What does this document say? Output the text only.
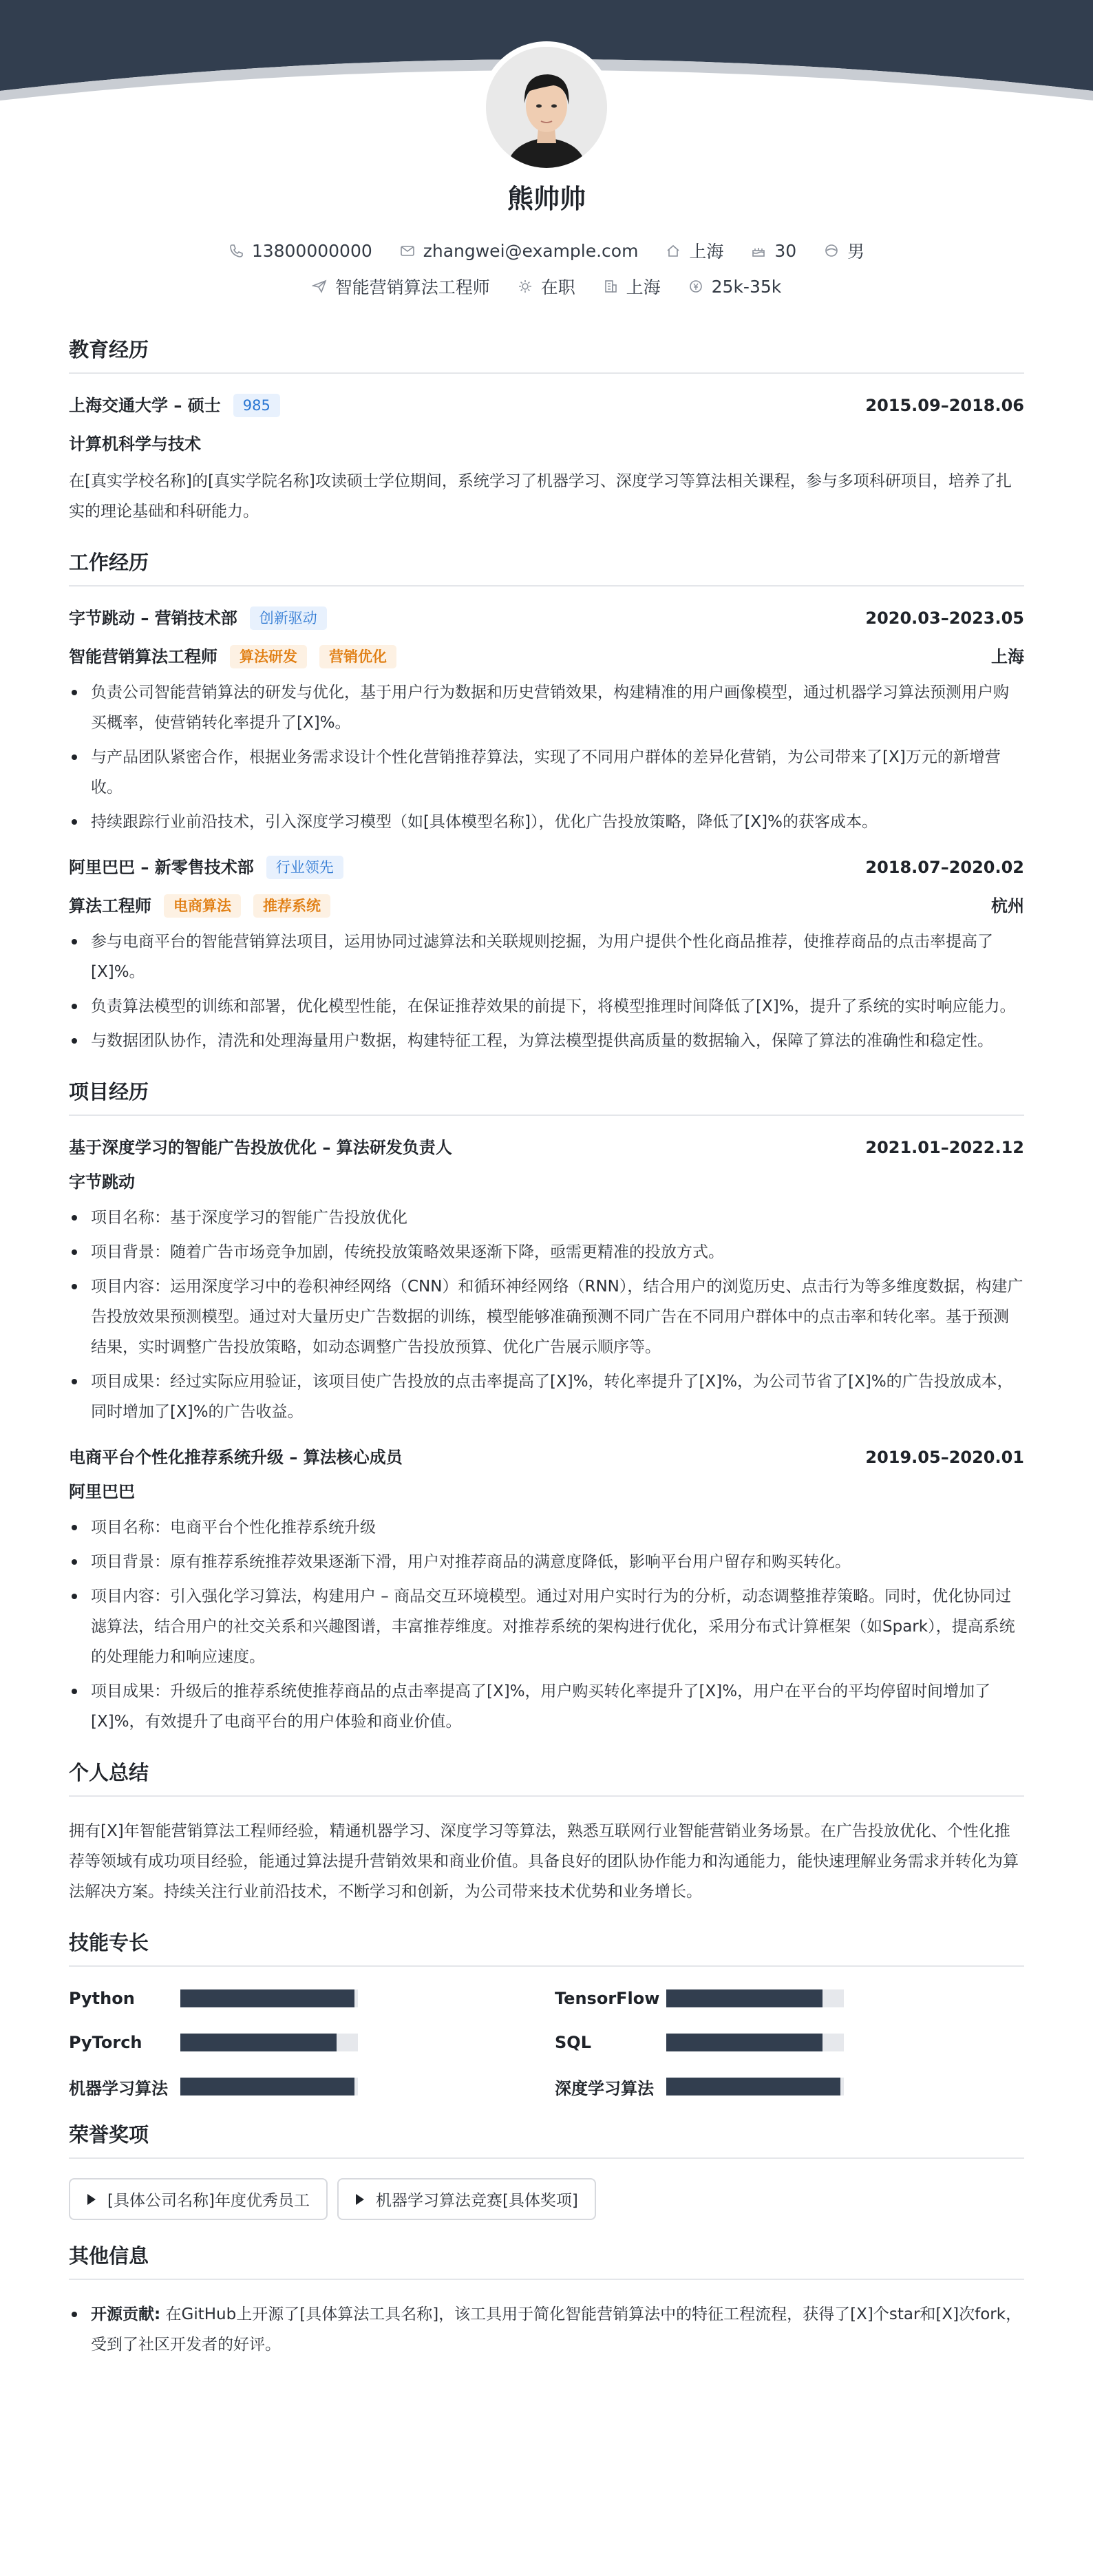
熊帅帅
13800000000
	zhangwei@example.com
	上海
	30
	男
智能营销算法工程师
	在职
	上海
	25k-35k
教育经历
上海交通大学 – 硕士	985	2015.09–2018.06
计算机科学与技术
在[真实学校名称]的[真实学院名称]攻读硕士学位期间，系统学习了机器学习、深度学习等算法相关课程，参与多项科研项目，培养了扎实的理论基础和科研能力。
工作经历
字节跳动 – 营销技术部	创新驱动	2020.03–2023.05
智能营销算法工程师	算法研发	营销优化	上海
负责公司智能营销算法的研发与优化，基于用户行为数据和历史营销效果，构建精准的用户画像模型，通过机器学习算法预测用户购买概率，使营销转化率提升了[X]%。
与产品团队紧密合作，根据业务需求设计个性化营销推荐算法，实现了不同用户群体的差异化营销，为公司带来了[X]万元的新增营收。
持续跟踪行业前沿技术，引入深度学习模型（如[具体模型名称]），优化广告投放策略，降低了[X]%的获客成本。
阿里巴巴 – 新零售技术部	行业领先	2018.07–2020.02
算法工程师	电商算法	推荐系统	杭州
参与电商平台的智能营销算法项目，运用协同过滤算法和关联规则挖掘，为用户提供个性化商品推荐，使推荐商品的点击率提高了[X]%。
负责算法模型的训练和部署，优化模型性能，在保证推荐效果的前提下，将模型推理时间降低了[X]%，提升了系统的实时响应能力。
与数据团队协作，清洗和处理海量用户数据，构建特征工程，为算法模型提供高质量的数据输入，保障了算法的准确性和稳定性。
项目经历
基于深度学习的智能广告投放优化 – 算法研发负责人	2021.01–2022.12
字节跳动
项目名称：基于深度学习的智能广告投放优化
项目背景：随着广告市场竞争加剧，传统投放策略效果逐渐下降，亟需更精准的投放方式。
项目内容：运用深度学习中的卷积神经网络（CNN）和循环神经网络（RNN），结合用户的浏览历史、点击行为等多维度数据，构建广告投放效果预测模型。通过对大量历史广告数据的训练，模型能够准确预测不同广告在不同用户群体中的点击率和转化率。基于预测结果，实时调整广告投放策略，如动态调整广告投放预算、优化广告展示顺序等。
项目成果：经过实际应用验证，该项目使广告投放的点击率提高了[X]%，转化率提升了[X]%，为公司节省了[X]%的广告投放成本，同时增加了[X]%的广告收益。
电商平台个性化推荐系统升级 – 算法核心成员	2019.05–2020.01
阿里巴巴
项目名称：电商平台个性化推荐系统升级
项目背景：原有推荐系统推荐效果逐渐下滑，用户对推荐商品的满意度降低，影响平台用户留存和购买转化。
项目内容：引入强化学习算法，构建用户 – 商品交互环境模型。通过对用户实时行为的分析，动态调整推荐策略。同时，优化协同过滤算法，结合用户的社交关系和兴趣图谱，丰富推荐维度。对推荐系统的架构进行优化，采用分布式计算框架（如Spark），提高系统的处理能力和响应速度。
项目成果：升级后的推荐系统使推荐商品的点击率提高了[X]%，用户购买转化率提升了[X]%，用户在平台的平均停留时间增加了[X]%，有效提升了电商平台的用户体验和商业价值。
个人总结
拥有[X]年智能营销算法工程师经验，精通机器学习、深度学习等算法，熟悉互联网行业智能营销业务场景。在广告投放优化、个性化推荐等领域有成功项目经验，能通过算法提升营销效果和商业价值。具备良好的团队协作能力和沟通能力，能快速理解业务需求并转化为算法解决方案。持续关注行业前沿技术，不断学习和创新，为公司带来技术优势和业务增长。
技能专长
Python	TensorFlow
PyTorch	SQL
机器学习算法	深度学习算法
荣誉奖项
[具体公司名称]年度优秀员工	机器学习算法竞赛[具体奖项]
其他信息
开源贡献: 在GitHub上开源了[具体算法工具名称]，该工具用于简化智能营销算法中的特征工程流程，获得了[X]个star和[X]次fork，受到了社区开发者的好评。
